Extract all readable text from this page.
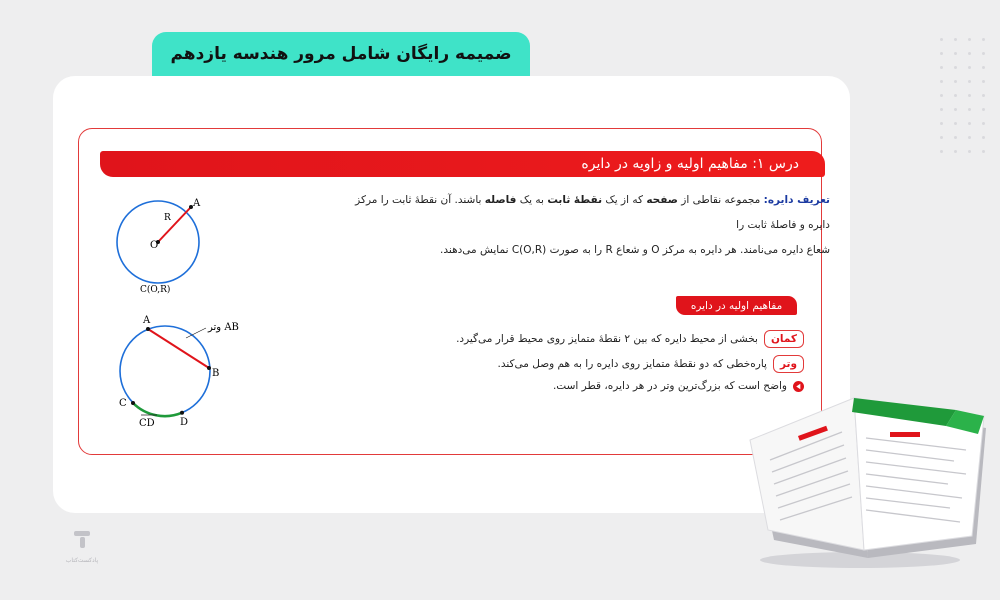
ضمیمه رایگان شامل مرور هندسه یازدهم
درس ۱: مفاهیم اولیه و زاویه در دایره
تعریف دایره: مجموعه نقاطی از صفحه که از یک نقطهٔ ثابت به یک فاصله باشند. آن نقطهٔ ثابت را مرکز دایره و فاصلهٔ ثابت را
شعاع دایره می‌نامند. هر دایره به مرکز O و شعاع R را به صورت C(O,R) نمایش می‌دهند.
A
O
R
C(O,R)
مفاهیم اولیه در دایره
کمان
بخشی از محیط دایره که بین ۲ نقطهٔ متمایز روی محیط قرار می‌گیرد.
وتر
پاره‌خطی که دو نقطهٔ متمایز روی دایره را به هم وصل می‌کند.
واضح است که بزرگ‌ترین وتر در هر دایره، قطر است.
A
B
C
D
وتر AB
CD
پادکست‌کتاب
